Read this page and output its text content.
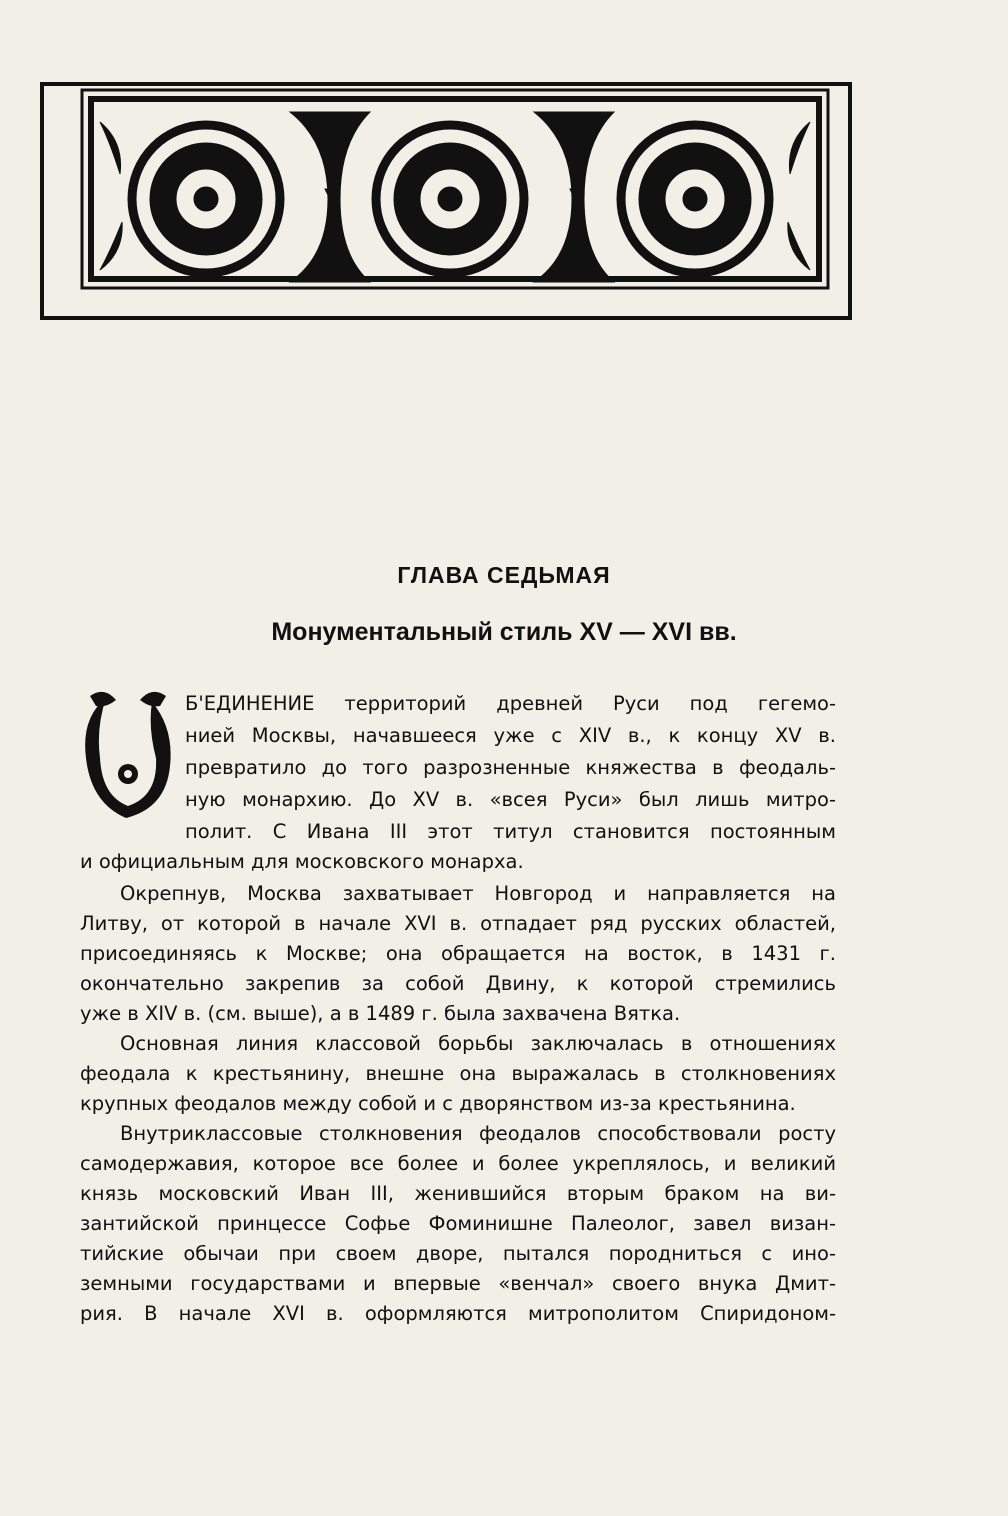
ГЛАВА СЕДЬМАЯ
Монументальный стиль XV — XVI вв.
Б'ЕДИНЕНИЕ территорий древней Руси под гегемо-
нией Москвы, начавшееся уже с XIV в., к концу XV в.
превратило до того разрозненные княжества в феодаль-
ную монархию. До XV в. «всея Руси» был лишь митро-
полит. С Ивана III этот титул становится постоянным
и официальным для московского монарха.
Окрепнув, Москва захватывает Новгород и направляется на
Литву, от которой в начале XVI в. отпадает ряд русских областей,
присоединяясь к Москве; она обращается на восток, в 1431 г.
окончательно закрепив за собой Двину, к которой стремились
уже в XIV в. (см. выше), а в 1489 г. была захвачена Вятка.
Основная линия классовой борьбы заключалась в отношениях
феодала к крестьянину, внешне она выражалась в столкновениях
крупных феодалов между собой и с дворянством из-за крестьянина.
Внутриклассовые столкновения феодалов способствовали росту
самодержавия, которое все более и более укреплялось, и великий
князь московский Иван III, женившийся вторым браком на ви-
зантийской принцессе Софье Фоминишне Палеолог, завел визан-
тийские обычаи при своем дворе, пытался породниться с ино-
земными государствами и впервые «венчал» своего внука Дмит-
рия. В начале XVI в. оформляются митрополитом Спиридоном-
